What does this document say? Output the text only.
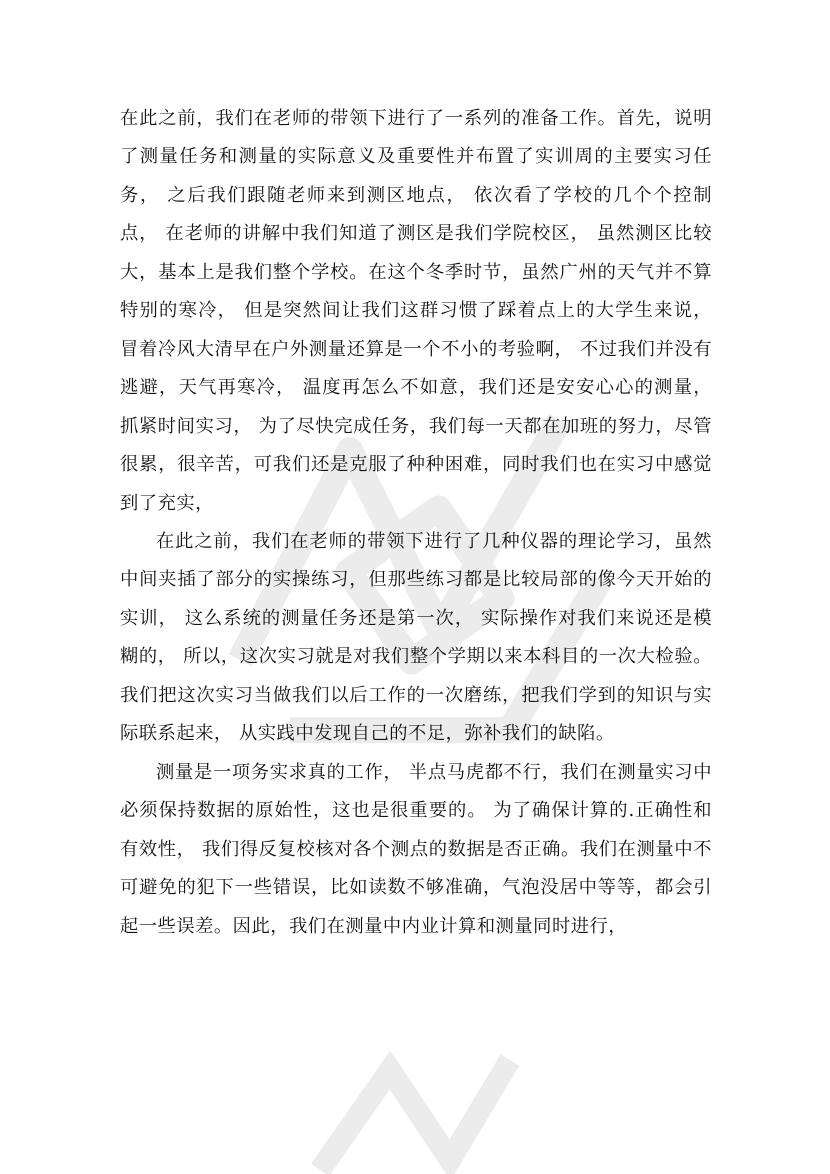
在此之前，我们在老师的带领下进行了一系列的准备工作。首先，说明了测量任务和测量的实际意义及重要性并布置了实训周的主要实习任务， 之后我们跟随老师来到测区地点， 依次看了学校的几个个控制点， 在老师的讲解中我们知道了测区是我们学院校区， 虽然测区比较大，基本上是我们整个学校。在这个冬季时节，虽然广州的天气并不算特别的寒冷， 但是突然间让我们这群习惯了踩着点上的大学生来说， 冒着冷风大清早在户外测量还算是一个不小的考验啊， 不过我们并没有逃避，天气再寒冷， 温度再怎么不如意，我们还是安安心心的测量， 抓紧时间实习， 为了尽快完成任务，我们每一天都在加班的努力，尽管很累，很辛苦，可我们还是克服了种种困难，同时我们也在实习中感觉到了充实，

在此之前，我们在老师的带领下进行了几种仪器的理论学习，虽然中间夹插了部分的实操练习，但那些练习都是比较局部的像今天开始的实训， 这么系统的测量任务还是第一次， 实际操作对我们来说还是模糊的， 所以，这次实习就是对我们整个学期以来本科目的一次大检验。 我们把这次实习当做我们以后工作的一次磨练，把我们学到的知识与实际联系起来， 从实践中发现自己的不足，弥补我们的缺陷。

测量是一项务实求真的工作， 半点马虎都不行，我们在测量实习中必须保持数据的原始性，这也是很重要的。 为了确保计算的.正确性和有效性， 我们得反复校核对各个测点的数据是否正确。我们在测量中不可避免的犯下一些错误，比如读数不够准确，气泡没居中等等，都会引起一些误差。因此，我们在测量中内业计算和测量同时进行，
